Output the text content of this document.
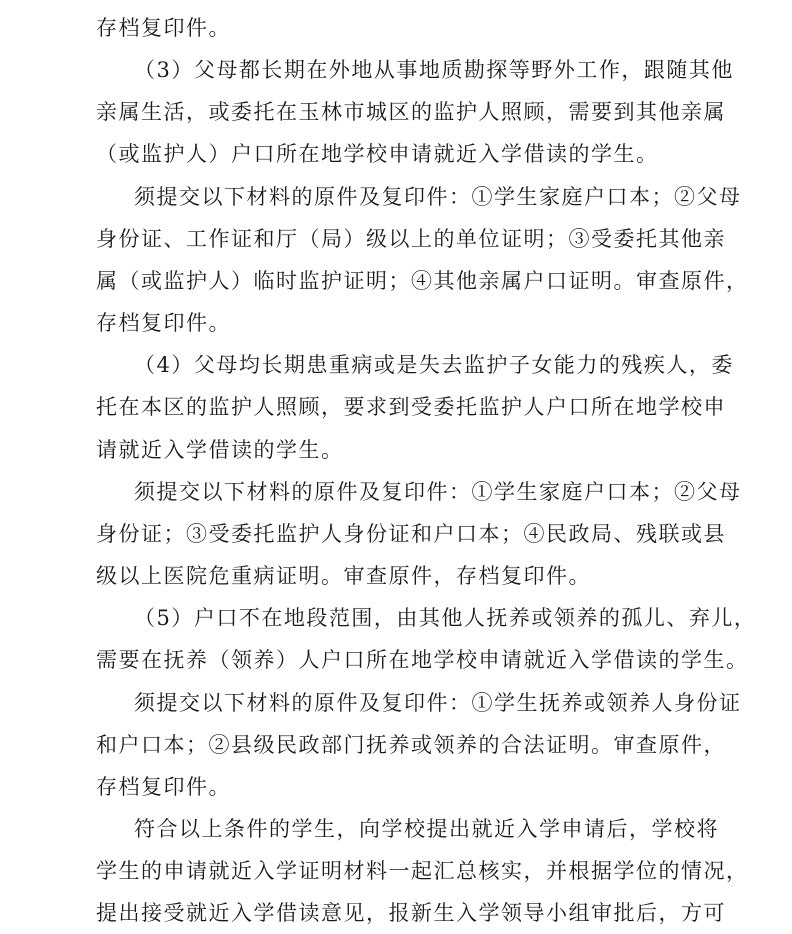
存档复印件。
（3）父母都长期在外地从事地质勘探等野外工作，跟随其他
亲属生活，或委托在玉林市城区的监护人照顾，需要到其他亲属
（或监护人）户口所在地学校申请就近入学借读的学生。
须提交以下材料的原件及复印件：①学生家庭户口本；②父母
身份证、工作证和厅（局）级以上的单位证明；③受委托其他亲
属（或监护人）临时监护证明；④其他亲属户口证明。审查原件，
存档复印件。
（4）父母均长期患重病或是失去监护子女能力的残疾人，委
托在本区的监护人照顾，要求到受委托监护人户口所在地学校申
请就近入学借读的学生。
须提交以下材料的原件及复印件：①学生家庭户口本；②父母
身份证；③受委托监护人身份证和户口本；④民政局、残联或县
级以上医院危重病证明。审查原件，存档复印件。
（5）户口不在地段范围，由其他人抚养或领养的孤儿、弃儿，
需要在抚养（领养）人户口所在地学校申请就近入学借读的学生。
须提交以下材料的原件及复印件：①学生抚养或领养人身份证
和户口本；②县级民政部门抚养或领养的合法证明。审查原件，
存档复印件。
符合以上条件的学生，向学校提出就近入学申请后，学校将
学生的申请就近入学证明材料一起汇总核实，并根据学位的情况，
提出接受就近入学借读意见，报新生入学领导小组审批后，方可
